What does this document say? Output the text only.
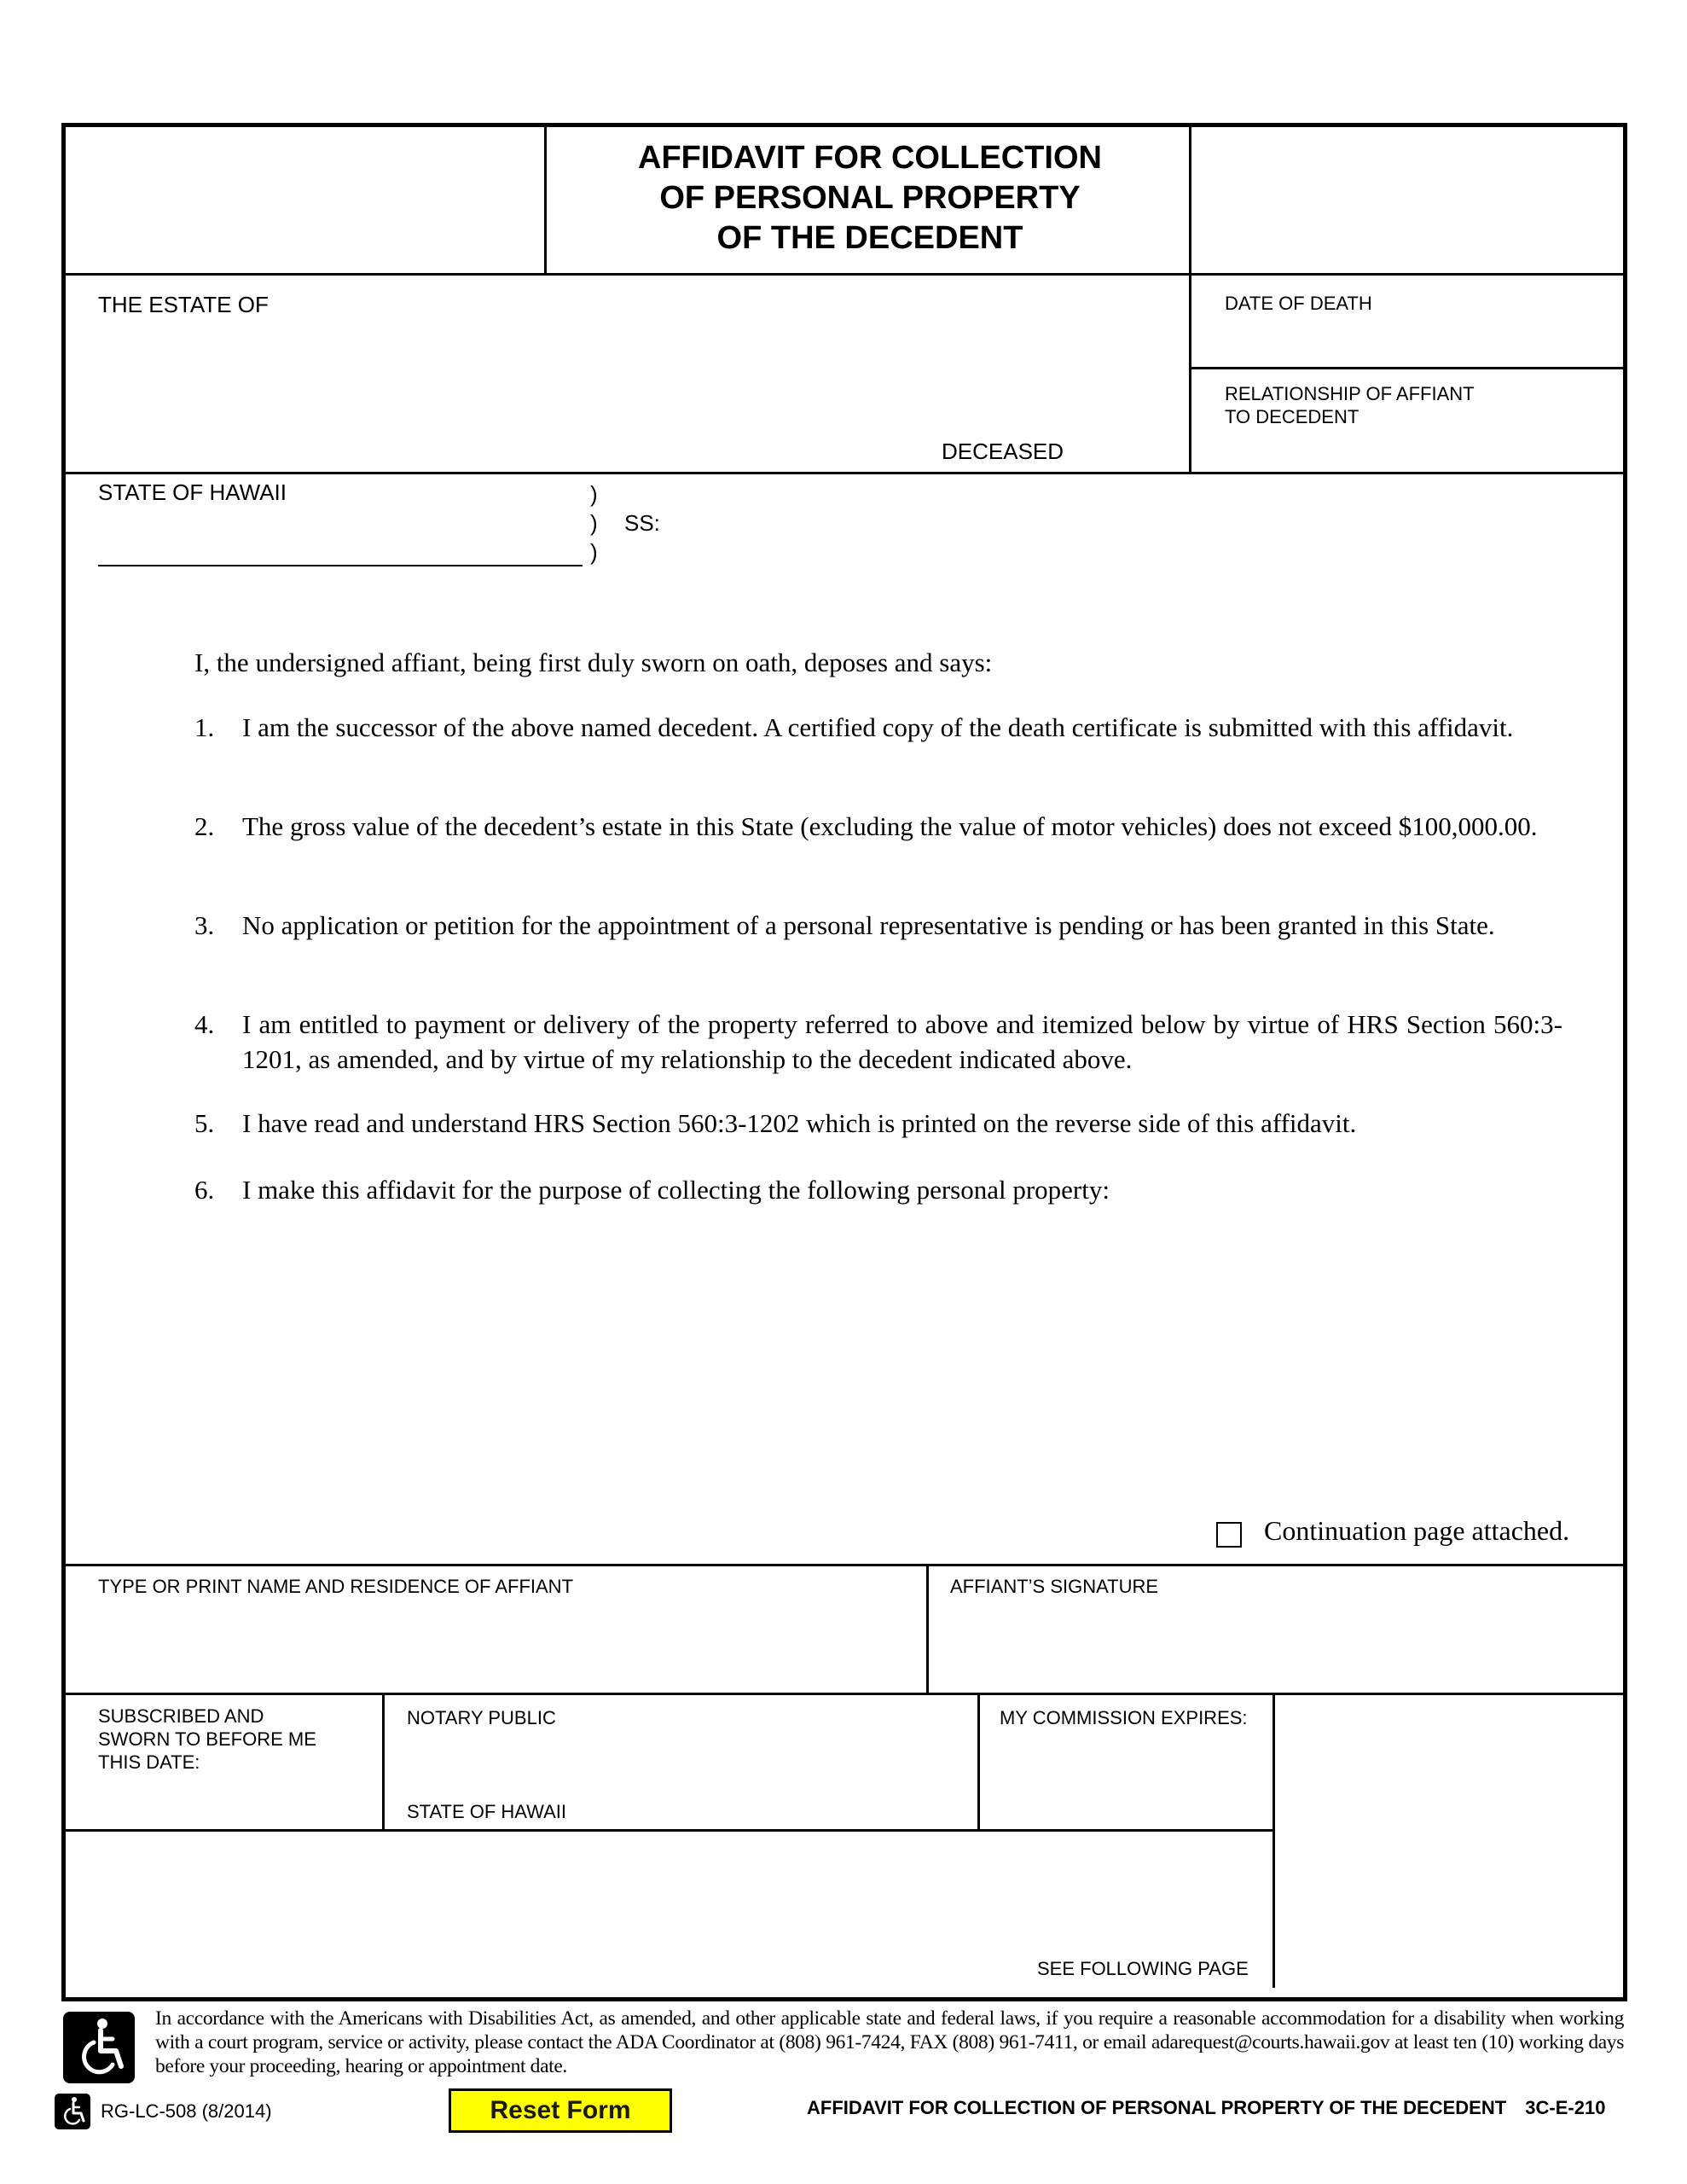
AFFIDAVIT FOR COLLECTION
OF PERSONAL PROPERTY
OF THE DECEDENT
THE ESTATE OF
DECEASED
DATE OF DEATH
RELATIONSHIP OF AFFIANT
TO DECEDENT
STATE OF HAWAII	)
)
)
SS:
I, the undersigned affiant, being first duly sworn on oath, deposes and says:
1.	I am the successor of the above named decedent. A certified copy of the death certificate is submitted with this affidavit.
2.	The gross value of the decedent’s estate in this State (excluding the value of motor vehicles) does not exceed $100,000.00.
3.	No application or petition for the appointment of a personal representative is pending or has been granted in this State.
4.	I am entitled to payment or delivery of the property referred to above and itemized below by virtue of HRS Section 560:3-1201, as amended, and by virtue of my relationship to the decedent indicated above.
5.	I have read and understand HRS Section 560:3-1202 which is printed on the reverse side of this affidavit.
6.	I make this affidavit for the purpose of collecting the following personal property:
Continuation page attached.
TYPE OR PRINT NAME AND RESIDENCE OF AFFIANT	AFFIANT’S SIGNATURE
SUBSCRIBED AND
SWORN TO BEFORE ME
THIS DATE:
NOTARY PUBLIC
STATE OF HAWAII
MY COMMISSION EXPIRES:
SEE FOLLOWING PAGE
In accordance with the Americans with Disabilities Act, as amended, and other applicable state and federal laws, if you require a reasonable accommodation for a disability when working with a court program, service or activity, please contact the ADA Coordinator at (808) 961-7424, FAX (808) 961-7411, or email adarequest@courts.hawaii.gov at least ten (10) working days before your proceeding, hearing or appointment date.
RG-LC-508 (8/2014)	Reset Form	AFFIDAVIT FOR COLLECTION OF PERSONAL PROPERTY OF THE DECEDENT 3C-E-210
